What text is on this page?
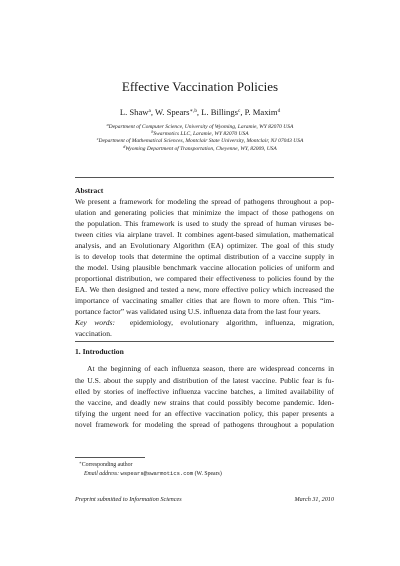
Effective Vaccination Policies
L. Shaw$^a$, W. Spears$^{∗,b}$, L. Billings$^c$, P. Maxim$^d$
$^a$Department of Computer Science, University of Wyoming, Laramie, WY 82070 USA
$^b$Swarmotics LLC, Laramie, WY 82070 USA
$^c$Department of Mathematical Sciences, Montclair State University, Montclair, NJ 07043 USA
$^d$Wyoming Department of Transportation, Cheyenne, WY, 82009, USA
Abstract
We present a framework for modeling the spread of pathogens throughout a pop-
ulation and generating policies that minimize the impact of those pathogens on
the population. This framework is used to study the spread of human viruses be-
tween cities via airplane travel. It combines agent-based simulation, mathematical
analysis, and an Evolutionary Algorithm (EA) optimizer. The goal of this study
is to develop tools that determine the optimal distribution of a vaccine supply in
the model. Using plausible benchmark vaccine allocation policies of uniform and
proportional distribution, we compared their effectiveness to policies found by the
EA. We then designed and tested a new, more effective policy which increased the
importance of vaccinating smaller cities that are flown to more often. This “im-
portance factor” was validated using U.S. influenza data from the last four years.
Key words: epidemiology, evolutionary algorithm, influenza, migration,
vaccination.
1. Introduction
At the beginning of each influenza season, there are widespread concerns in
the U.S. about the supply and distribution of the latest vaccine. Public fear is fu-
elled by stories of ineffective influenza vaccine batches, a limited availability of
the vaccine, and deadly new strains that could possibly become pandemic. Iden-
tifying the urgent need for an effective vaccination policy, this paper presents a
novel framework for modeling the spread of pathogens throughout a population
∗Corresponding author
Email address: wspears@swarmotics.com (W. Spears)
Preprint submitted to Information Sciences	March 31, 2010
